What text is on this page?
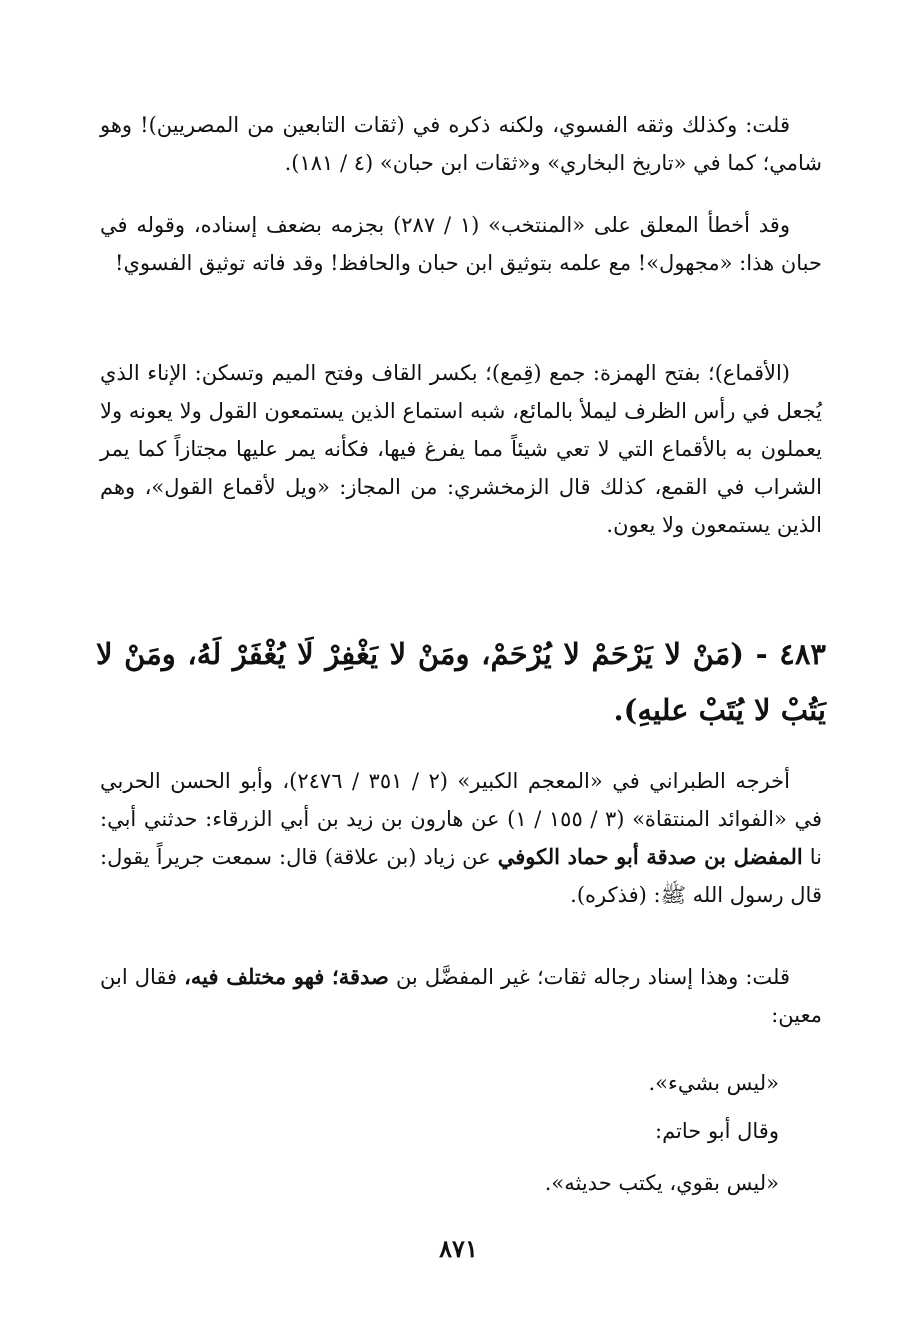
قلت: وكذلك وثقه الفسوي، ولكنه ذكره في (ثقات التابعين من المصريين)! وهو شامي؛ كما في «تاريخ البخاري» و«ثقات ابن حبان» (٤ / ١٨١).

وقد أخطأ المعلق على «المنتخب» (١ / ٢٨٧) بجزمه بضعف إسناده، وقوله في حبان هذا: «مجهول»! مع علمه بتوثيق ابن حبان والحافظ! وقد فاته توثيق الفسوي!

(الأقماع)؛ بفتح الهمزة: جمع (قِمع)؛ بكسر القاف وفتح الميم وتسكن: الإناء الذي يُجعل في رأس الظرف ليملأ بالمائع، شبه استماع الذين يستمعون القول ولا يعونه ولا يعملون به بالأقماع التي لا تعي شيئاً مما يفرغ فيها، فكأنه يمر عليها مجتازاً كما يمر الشراب في القمع، كذلك قال الزمخشري: من المجاز: «ويل لأقماع القول»، وهم الذين يستمعون ولا يعون.

٤٨٣ - (مَنْ لا يَرْحَمْ لا يُرْحَمْ، ومَنْ لا يَغْفِرْ لَا يُغْفَرْ لَهُ، ومَنْ لا يَتُبْ لا يُتَبْ عليهِ).

أخرجه الطبراني في «المعجم الكبير» (٢ / ٣٥١ / ٢٤٧٦)، وأبو الحسن الحربي في «الفوائد المنتقاة» (٣ / ١٥٥ / ١) عن هارون بن زيد بن أبي الزرقاء: حدثني أبي: نا المفضل بن صدقة أبو حماد الكوفي عن زياد (بن علاقة) قال: سمعت جريراً يقول: قال رسول الله ﷺ: (فذكره).

قلت: وهذا إسناد رجاله ثقات؛ غير المفضَّل بن صدقة؛ فهو مختلف فيه، فقال ابن معين:

«ليس بشيء».
وقال أبو حاتم:
«ليس بقوي، يكتب حديثه».
٨٧١
